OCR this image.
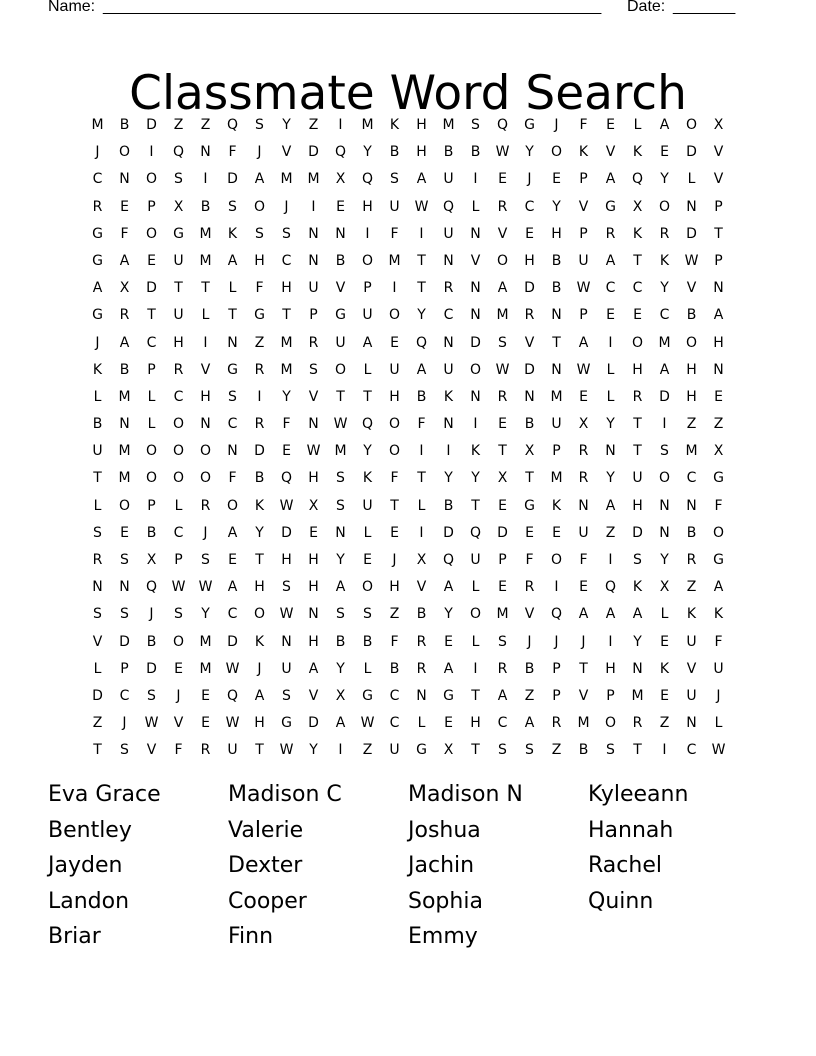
Name: ________________________________________________________ Date: _______
Classmate Word Search
M	B	D	Z	Z	Q	S	Y	Z	I	M	K	H	M	S	Q	G	J	F	E	L	A	O	X
J	O	I	Q	N	F	J	V	D	Q	Y	B	H	B	B	W	Y	O	K	V	K	E	D	V
C	N	O	S	I	D	A	M	M	X	Q	S	A	U	I	E	J	E	P	A	Q	Y	L	V
R	E	P	X	B	S	O	J	I	E	H	U	W	Q	L	R	C	Y	V	G	X	O	N	P
G	F	O	G	M	K	S	S	N	N	I	F	I	U	N	V	E	H	P	R	K	R	D	T
G	A	E	U	M	A	H	C	N	B	O	M	T	N	V	O	H	B	U	A	T	K	W	P
A	X	D	T	T	L	F	H	U	V	P	I	T	R	N	A	D	B	W	C	C	Y	V	N
G	R	T	U	L	T	G	T	P	G	U	O	Y	C	N	M	R	N	P	E	E	C	B	A
J	A	C	H	I	N	Z	M	R	U	A	E	Q	N	D	S	V	T	A	I	O	M	O	H
K	B	P	R	V	G	R	M	S	O	L	U	A	U	O	W	D	N	W	L	H	A	H	N
L	M	L	C	H	S	I	Y	V	T	T	H	B	K	N	R	N	M	E	L	R	D	H	E
B	N	L	O	N	C	R	F	N	W	Q	O	F	N	I	E	B	U	X	Y	T	I	Z	Z
U	M	O	O	O	N	D	E	W	M	Y	O	I	I	K	T	X	P	R	N	T	S	M	X
T	M	O	O	O	F	B	Q	H	S	K	F	T	Y	Y	X	T	M	R	Y	U	O	C	G
L	O	P	L	R	O	K	W	X	S	U	T	L	B	T	E	G	K	N	A	H	N	N	F
S	E	B	C	J	A	Y	D	E	N	L	E	I	D	Q	D	E	E	U	Z	D	N	B	O
R	S	X	P	S	E	T	H	H	Y	E	J	X	Q	U	P	F	O	F	I	S	Y	R	G
N	N	Q	W W	A	H	S	H	A	O	H	V	A	L	E	R	I	E	Q	K	X	Z	A
S	S	J	S	Y	C	O	W	N	S	S	Z	B	Y	O	M	V	Q	A	A	A	L	K	K
V	D	B	O	M	D	K	N	H	B	B	F	R	E	L	S	J	J	J	I	Y	E	U	F
L	P	D	E	M	W	J	U	A	Y	L	B	R	A	I	R	B	P	T	H	N	K	V	U
D	C	S	J	E	Q	A	S	V	X	G	C	N	G	T	A	Z	P	V	P	M	E	U	J
Z	J	W	V	E	W	H	G	D	A	W	C	L	E	H	C	A	R	M	O	R	Z	N	L
T	S	V	F	R	U	T	W	Y	I	Z	U	G	X	T	S	S	Z	B	S	T	I	C	W
Eva Grace	Madison C	Madison N	Kyleeann
Bentley	Valerie	Joshua	Hannah
Jayden	Dexter	Jachin	Rachel
Landon	Cooper	Sophia	Quinn
Briar	Finn	Emmy
